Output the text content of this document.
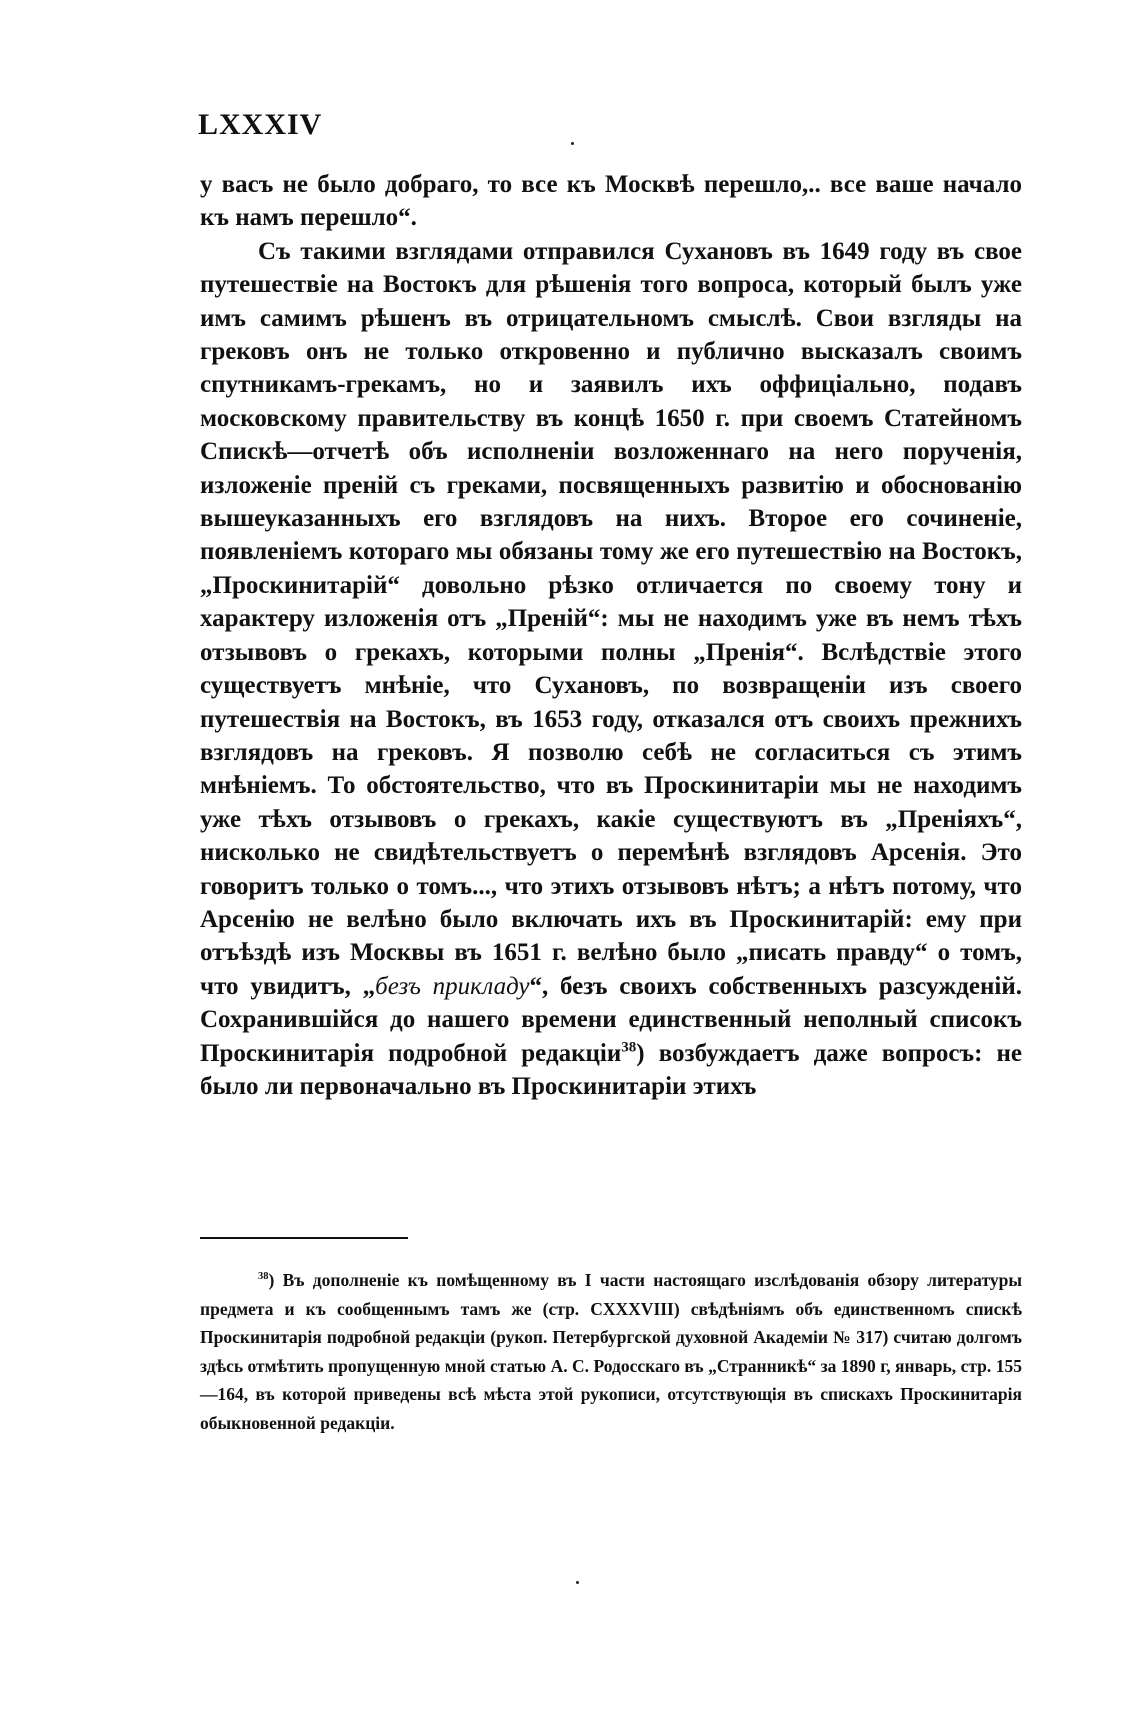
LXXXIV

у васъ не было добраго, то все къ Москвѣ перешло,.. все ваше начало къ намъ перешло“.

Съ такими взглядами отправился Сухановъ въ 1649 году въ свое путешествіе на Востокъ для рѣшенія того вопроса, который былъ уже имъ самимъ рѣшенъ въ отрицательномъ смыслѣ. Свои взгляды на грековъ онъ не только откровенно и публично высказалъ своимъ спутникамъ-грекамъ, но и заявилъ ихъ оффиціально, подавъ московскому правительству въ концѣ 1650 г. при своемъ Статейномъ Спискѣ—отчетѣ объ исполненіи возложеннаго на него порученія, изложеніе преній съ греками, посвященныхъ развитію и обоснованію вышеуказанныхъ его взглядовъ на нихъ. Второе его сочиненіе, появленіемъ котораго мы обязаны тому же его путешествію на Востокъ, „Проскинитарій“ довольно рѣзко отличается по своему тону и характеру изложенія отъ „Преній“: мы не находимъ уже въ немъ тѣхъ отзывовъ о грекахъ, которыми полны „Пренія“. Вслѣдствіе этого существуетъ мнѣніе, что Сухановъ, по возвращеніи изъ своего путешествія на Востокъ, въ 1653 году, отказался отъ своихъ прежнихъ взглядовъ на грековъ. Я позволю себѣ не согласиться съ этимъ мнѣніемъ. То обстоятельство, что въ Проскинитаріи мы не находимъ уже тѣхъ отзывовъ о грекахъ, какіе существуютъ въ „Преніяхъ“, нисколько не свидѣтельствуетъ о перемѣнѣ взглядовъ Арсенія. Это говоритъ только о томъ..., что этихъ отзывовъ нѣтъ; а нѣтъ потому, что Арсенію не велѣно было включать ихъ въ Проскинитарій: ему при отъѣздѣ изъ Москвы въ 1651 г. велѣно было „писать правду“ о томъ, что увидитъ, „безъ прикладу“, безъ своихъ собственныхъ разсужденій. Сохранившійся до нашего времени единственный неполный списокъ Проскинитарія подробной редакціи$^{38}$) возбуждаетъ даже вопросъ: не было ли первоначально въ Проскинитаріи этихъ

$^{38}$) Въ дополненіе къ помѣщенному въ I части настоящаго изслѣдованія обзору литературы предмета и къ сообщеннымъ тамъ же (стр. CXXXVIII) свѣдѣніямъ объ единственномъ спискѣ Проскинитарія подробной редакціи (рукоп. Петербургской духовной Академіи № 317) считаю долгомъ здѣсь отмѣтить пропущенную мной статью А. С. Родосскаго въ „Странникѣ“ за 1890 г, январь, стр. 155—164, въ которой приведены всѣ мѣста этой рукописи, отсутствующія въ спискахъ Проскинитарія обыкновенной редакціи.
